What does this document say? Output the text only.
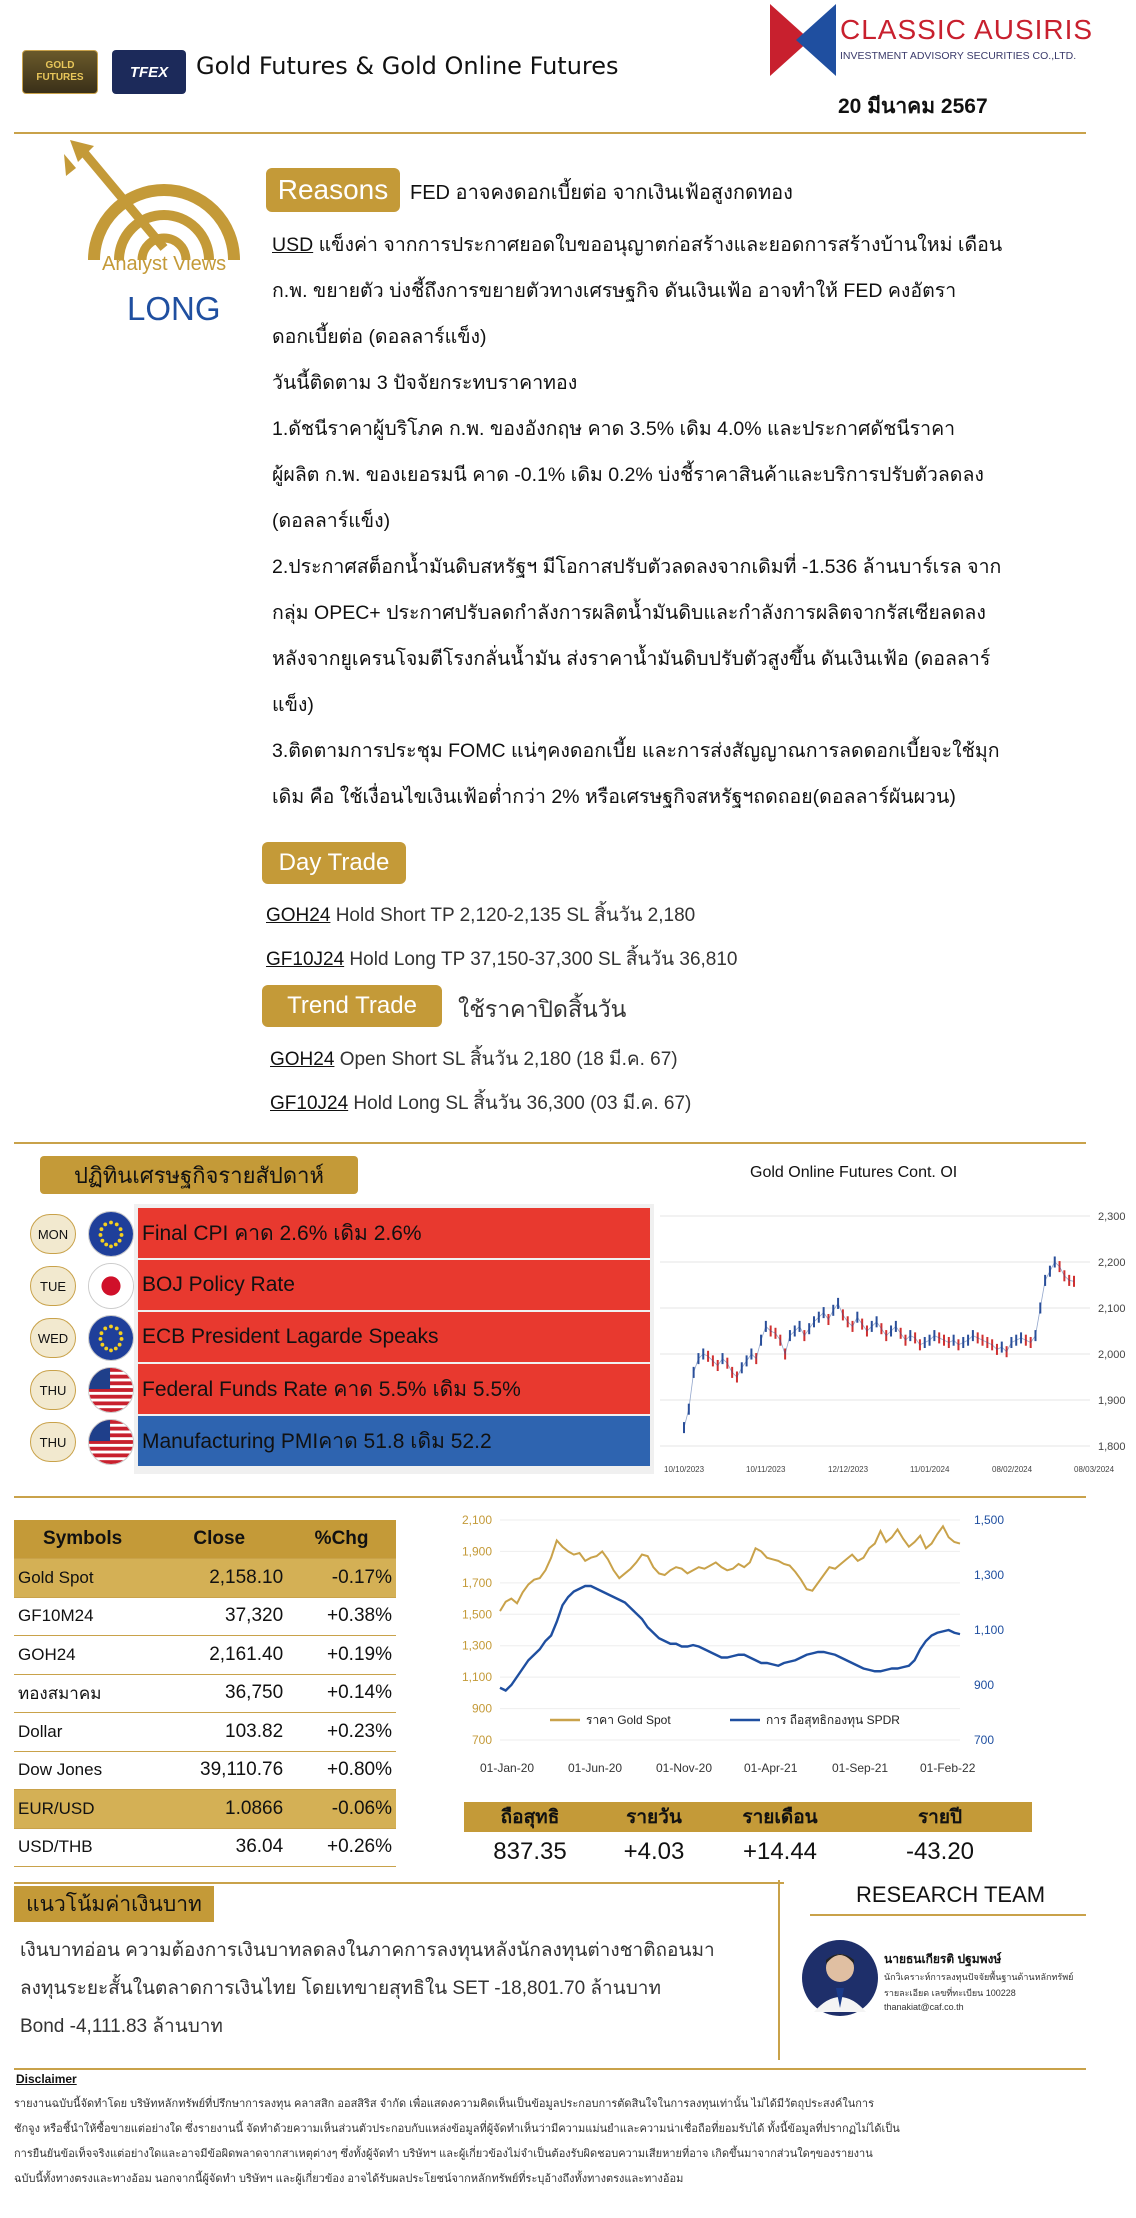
GOLD FUTURES	TFEX Gold Futures & Gold Online Futures
CLASSIC AUSIRIS
INVESTMENT ADVISORY SECURITIES CO.,LTD.
20 มีนาคม 2567
Analyst Views
LONG
Reasons	FED อาจคงดอกเบี้ยต่อ จากเงินเฟ้อสูงกดทอง
USD แข็งค่า จากการประกาศยอดใบขออนุญาตก่อสร้างและยอดการสร้างบ้านใหม่ เดือน
ก.พ. ขยายตัว บ่งชี้ถึงการขยายตัวทางเศรษฐกิจ ดันเงินเฟ้อ อาจทำให้ FED คงอัตรา
ดอกเบี้ยต่อ (ดอลลาร์แข็ง)
วันนี้ติดตาม 3 ปัจจัยกระทบราคาทอง
1.ดัชนีราคาผู้บริโภค ก.พ. ของอังกฤษ คาด 3.5% เดิม 4.0% และประกาศดัชนีราคา
ผู้ผลิต ก.พ. ของเยอรมนี คาด -0.1% เดิม 0.2% บ่งชี้ราคาสินค้าและบริการปรับตัวลดลง
(ดอลลาร์แข็ง)
2.ประกาศสต็อกน้ำมันดิบสหรัฐฯ มีโอกาสปรับตัวลดลงจากเดิมที่ -1.536 ล้านบาร์เรล จาก
กลุ่ม OPEC+ ประกาศปรับลดกำลังการผลิตน้ำมันดิบและกำลังการผลิตจากรัสเซียลดลง
หลังจากยูเครนโจมตีโรงกลั่นน้ำมัน ส่งราคาน้ำมันดิบปรับตัวสูงขึ้น ดันเงินเฟ้อ (ดอลลาร์
แข็ง)
3.ติดตามการประชุม FOMC แน่ๆคงดอกเบี้ย และการส่งสัญญาณการลดดอกเบี้ยจะใช้มุก
เดิม คือ ใช้เงื่อนไขเงินเฟ้อต่ำกว่า 2% หรือเศรษฐกิจสหรัฐฯถดถอย(ดอลลาร์ผันผวน)
Day Trade
GOH24 Hold Short TP 2,120-2,135 SL สิ้นวัน 2,180
GF10J24 Hold Long TP 37,150-37,300 SL สิ้นวัน 36,810
Trend Trade	ใช้ราคาปิดสิ้นวัน
GOH24 Open Short SL สิ้นวัน 2,180 (18 มี.ค. 67)
GF10J24 Hold Long SL สิ้นวัน 36,300 (03 มี.ค. 67)
ปฏิทินเศรษฐกิจรายสัปดาห์
MON	Final CPI คาด 2.6% เดิม 2.6%
TUE	BOJ Policy Rate
WED	ECB President Lagarde Speaks
THU	Federal Funds Rate คาด 5.5% เดิม 5.5%
THU	Manufacturing PMIคาด 51.8 เดิม 52.2
Gold Online Futures Cont. OI
1,800
1,900
2,000
2,100
2,200
2,300
10/10/2023	10/11/2023	12/12/2023	11/01/2024	08/02/2024	08/03/2024
Symbols	Close	%Chg
Gold Spot	2,158.10	-0.17%
GF10M24	37,320	+0.38%
GOH24	2,161.40	+0.19%
ทองสมาคม	36,750	+0.14%
Dollar	103.82	+0.23%
Dow Jones	39,110.76	+0.80%
EUR/USD	1.0866	-0.06%
USD/THB	36.04	+0.26%
700
900
1,100
1,300
1,500
1,700
1,900
2,100
700
900
1,100
1,300
1,500
ราคา Gold Spot	การ ถือสุทธิกองทุน SPDR
01-Jan-20	01-Jun-20	01-Nov-20	01-Apr-21	01-Sep-21	01-Feb-22
ถือสุทธิ	รายวัน	รายเดือน	รายปี
837.35	+4.03	+14.44	-43.20
แนวโน้มค่าเงินบาท
เงินบาทอ่อน ความต้องการเงินบาทลดลงในภาคการลงทุนหลังนักลงทุนต่างชาติถอนมา
ลงทุนระยะสั้นในตลาดการเงินไทย โดยเทขายสุทธิใน SET -18,801.70 ล้านบาท
Bond -4,111.83 ล้านบาท
RESEARCH TEAM
นายธนเกียรติ ปฐมพงษ์
นักวิเคราะห์การลงทุนปัจจัยพื้นฐานด้านหลักทรัพย์
รายละเอียด เลขที่ทะเบียน 100228
thanakiat@caf.co.th
Disclaimer
รายงานฉบับนี้จัดทำโดย บริษัทหลักทรัพย์ที่ปรึกษาการลงทุน คลาสสิก ออสสิริส จำกัด เพื่อแสดงความคิดเห็นเป็นข้อมูลประกอบการตัดสินใจในการลงทุนเท่านั้น ไม่ได้มีวัตถุประสงค์ในการ
ชักจูง หรือชี้นำให้ซื้อขายแต่อย่างใด ซึ่งรายงานนี้ จัดทำด้วยความเห็นส่วนตัวประกอบกับแหล่งข้อมูลที่ผู้จัดทำเห็นว่ามีความแม่นยำและความน่าเชื่อถือที่ยอมรับได้ ทั้งนี้ข้อมูลที่ปรากฏไม่ได้เป็น
การยืนยันข้อเท็จจริงแต่อย่างใดและอาจมีข้อผิดพลาดจากสาเหตุต่างๆ ซึ่งทั้งผู้จัดทำ บริษัทฯ และผู้เกี่ยวข้องไม่จำเป็นต้องรับผิดชอบความเสียหายที่อาจ เกิดขึ้นมาจากส่วนใดๆของรายงาน
ฉบับนี้ทั้งทางตรงและทางอ้อม นอกจากนี้ผู้จัดทำ บริษัทฯ และผู้เกี่ยวข้อง อาจได้รับผลประโยชน์จากหลักทรัพย์ที่ระบุอ้างถึงทั้งทางตรงและทางอ้อม
